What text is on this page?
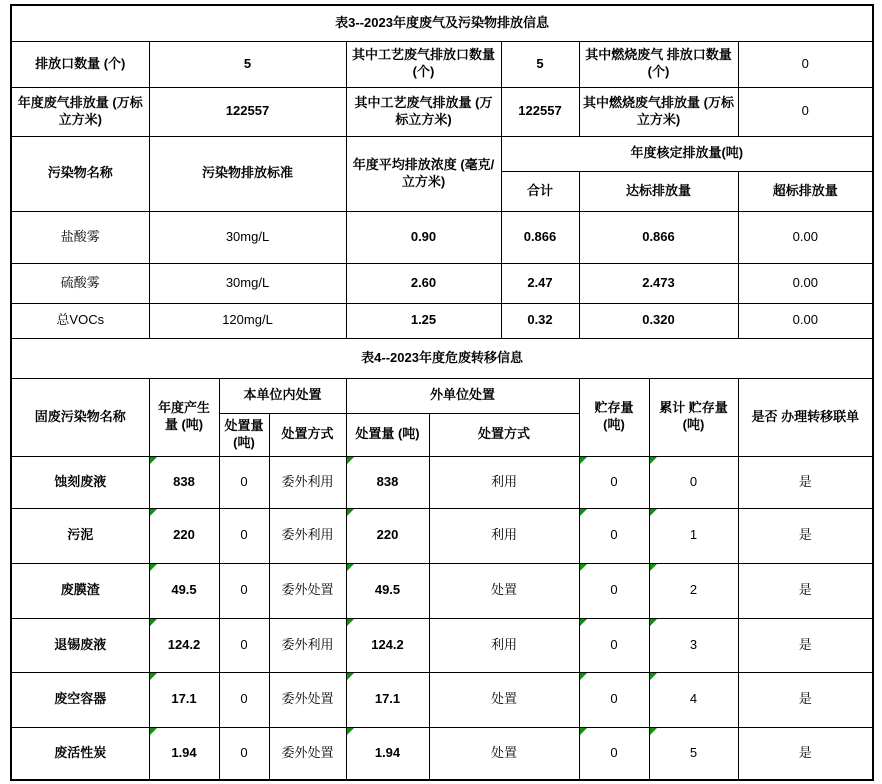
表3--2023年度废气及污染物排放信息									
排放口数量 (个)	5			其中工艺废气排放口数量 (个)		5	其中燃烧废气 排放口数量(个)		0
年度废气排放量 (万标立方米)	122557			其中工艺废气排放量 (万标立方米)		122557	其中燃烧废气排放量 (万标立方米)		0
污染物名称	污染物排放标准			年度平均排放浓度 (毫克/立方米)		年度核定排放量(吨)			
						合计	达标排放量		超标排放量
盐酸雾	30mg/L			0.90		0.866	0.866		0.00
硫酸雾	30mg/L			2.60		2.47	2.473		0.00
总VOCs	120mg/L			1.25		0.32	0.320		0.00
表4--2023年度危废转移信息									
固废污染物名称	年度产生量 (吨)	本单位内处置		外单位处置			贮存量 (吨)	累计 贮存量 (吨)	是否 办理转移联单
		处置量 (吨)	处置方式	处置量 (吨)	处置方式				
蚀刻废液	838	0	委外利用	838	利用		0	0	是
污泥	220	0	委外利用	220	利用		0	1	是
废膜渣	49.5	0	委外处置	49.5	处置		0	2	是
退锡废液	124.2	0	委外利用	124.2	利用		0	3	是
废空容器	17.1	0	委外处置	17.1	处置		0	4	是
废活性炭	1.94	0	委外处置	1.94	处置		0	5	是
